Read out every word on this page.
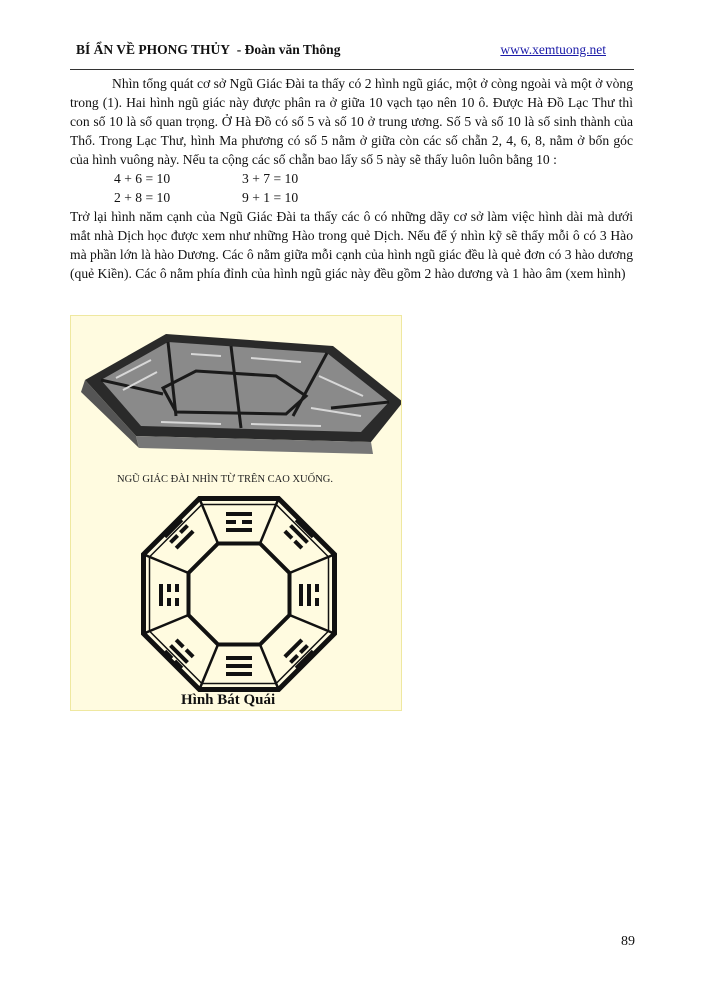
BÍ ẨN VỀ PHONG THỦY - Đoàn văn Thông	www.xemtuong.net

Nhìn tổng quát cơ sở Ngũ Giác Đài ta thấy có 2 hình ngũ giác, một ở còng ngoài và một ở vòng trong (1). Hai hình ngũ giác này được phân ra ở giữa 10 vạch tạo nên 10 ô. Được Hà Đồ Lạc Thư thì con số 10 là số quan trọng. Ở Hà Đồ có số 5 và số 10 ở trung ương. Số 5 và số 10 là số sinh thành của Thổ. Trong Lạc Thư, hình Ma phương có số 5 nằm ở giữa còn các số chẵn 2, 4, 6, 8, nằm ở bốn góc của hình vuông này. Nếu ta cộng các số chẵn bao lấy số 5 này sẽ thấy luôn luôn bằng 10 :

4 + 6 = 10	3 + 7 = 10
2 + 8 = 10	9 + 1 = 10

Trở lại hình năm cạnh của Ngũ Giác Đài ta thấy các ô có những dãy cơ sở làm việc hình dài mà dưới mắt nhà Dịch học được xem như những Hào trong quẻ Dịch. Nếu để ý nhìn kỹ sẽ thấy mỗi ô có 3 Hào mà phần lớn là hào Dương. Các ô nằm giữa mỗi cạnh của hình ngũ giác đều là quẻ đơn có 3 hào dương (quẻ Kiền). Các ô nằm phía đỉnh của hình ngũ giác này đều gồm 2 hào dương và 1 hào âm (xem hình)

NGŨ GIÁC ĐÀI NHÌN TỪ TRÊN CAO XUỐNG.
Hình Bát Quái
89
